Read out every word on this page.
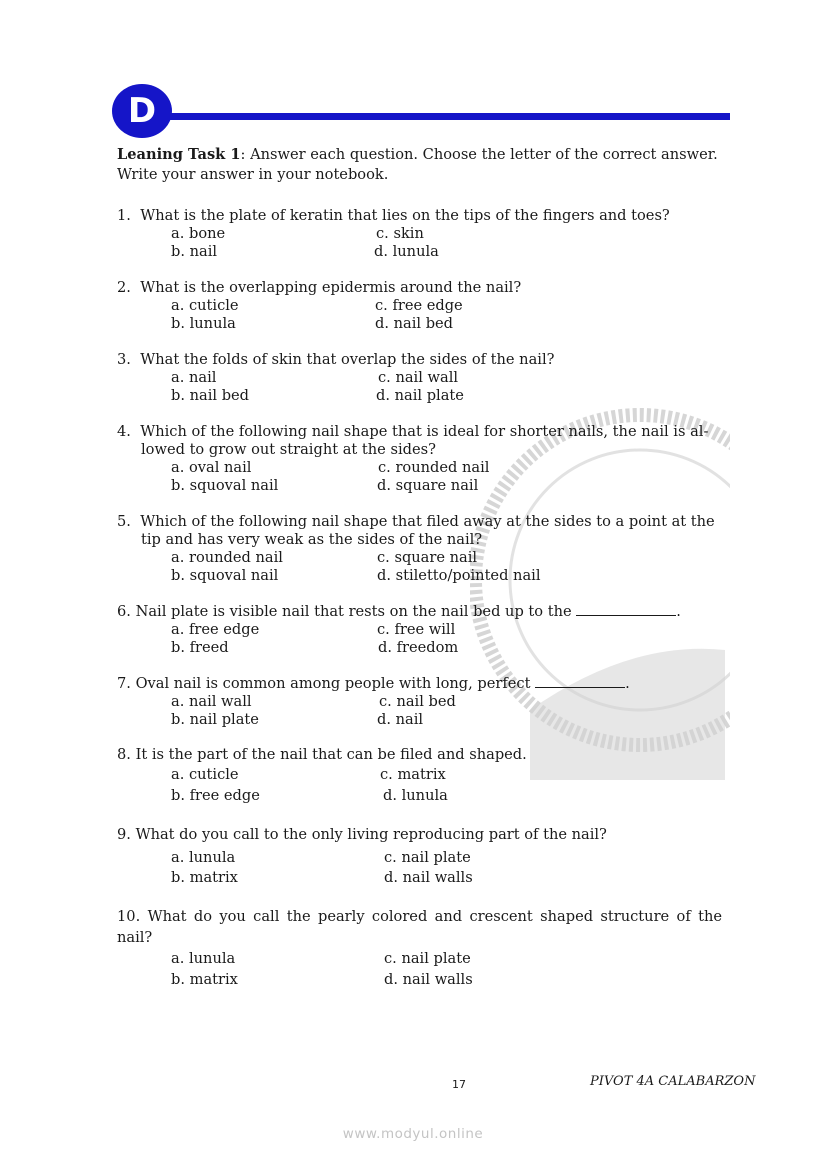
D
Leaning Task 1: Answer each question. Choose the letter of the correct answer. Write your answer in your notebook.
1. What is the plate of keratin that lies on the tips of the fingers and toes?
a. bone	c. skin
b. nail	d. lunula
2. What is the overlapping epidermis around the nail?
a. cuticle	c. free edge
b. lunula	d. nail bed
3. What the folds of skin that overlap the sides of the nail?
a. nail	c. nail wall
b. nail bed	d. nail plate
4. Which of the following nail shape that is ideal for shorter nails, the nail is al-lowed to grow out straight at the sides?
a. oval nail	c. rounded nail
b. squoval nail	d. square nail
5. Which of the following nail shape that filed away at the sides to a point at the tip and has very weak as the sides of the nail?
a. rounded nail	c. square nail
b. squoval nail	d. stiletto/pointed nail
6. Nail plate is visible nail that rests on the nail bed up to the	.
a. free edge	c. free will
b. freed	d. freedom
7. Oval nail is common among people with long, perfect	.
a. nail wall	c. nail bed
b. nail plate	d. nail
8. It is the part of the nail that can be filed and shaped.
a. cuticle	c. matrix
b. free edge	d. lunula
9. What do you call to the only living reproducing part of the nail?
a. lunula	c. nail plate
b. matrix	d. nail walls
10. What do you call the pearly colored and crescent shaped structure of the nail?
a. lunula	c. nail plate
b. matrix	d. nail walls
17	PIVOT 4A CALABARZON
www.modyul.online
